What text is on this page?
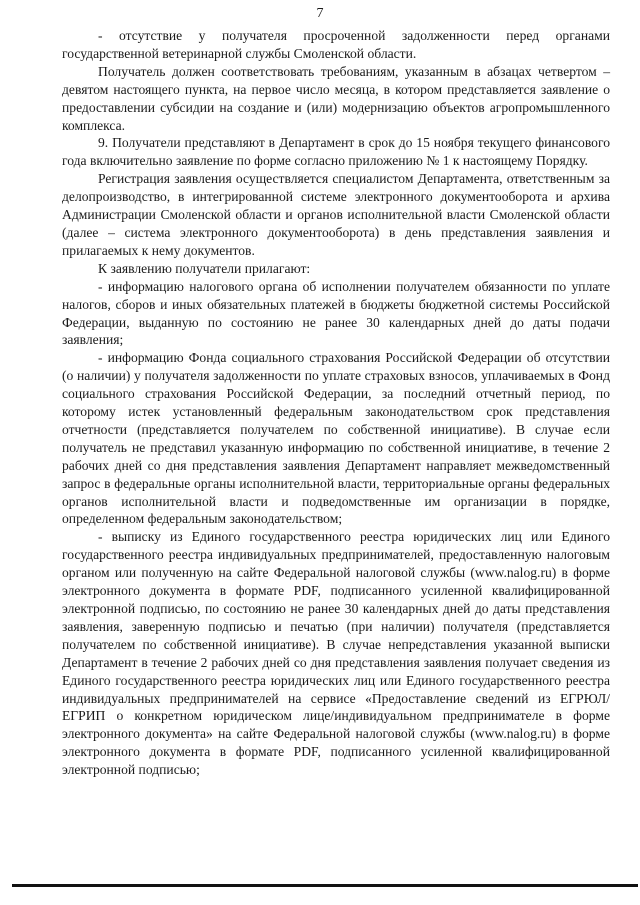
7

- отсутствие у получателя просроченной задолженности перед органами государственной ветеринарной службы Смоленской области.

Получатель должен соответствовать требованиям, указанным в абзацах четвертом – девятом настоящего пункта, на первое число месяца, в котором представляется заявление о предоставлении субсидии на создание и (или) модернизацию объектов агропромышленного комплекса.

9. Получатели представляют в Департамент в срок до 15 ноября текущего финансового года включительно заявление по форме согласно приложению № 1 к настоящему Порядку.

Регистрация заявления осуществляется специалистом Департамента, ответственным за делопроизводство, в интегрированной системе электронного документооборота и архива Администрации Смоленской области и органов исполнительной власти Смоленской области (далее – система электронного документооборота) в день представления заявления и прилагаемых к нему документов.

К заявлению получатели прилагают:

- информацию налогового органа об исполнении получателем обязанности по уплате налогов, сборов и иных обязательных платежей в бюджеты бюджетной системы Российской Федерации, выданную по состоянию не ранее 30 календарных дней до даты подачи заявления;

- информацию Фонда социального страхования Российской Федерации об отсутствии (о наличии) у получателя задолженности по уплате страховых взносов, уплачиваемых в Фонд социального страхования Российской Федерации, за последний отчетный период, по которому истек установленный федеральным законодательством срок представления отчетности (представляется получателем по собственной инициативе). В случае если получатель не представил указанную информацию по собственной инициативе, в течение 2 рабочих дней со дня представления заявления Департамент направляет межведомственный запрос в федеральные органы исполнительной власти, территориальные органы федеральных органов исполнительной власти и подведомственные им организации в порядке, определенном федеральным законодательством;

- выписку из Единого государственного реестра юридических лиц или Единого государственного реестра индивидуальных предпринимателей, предоставленную налоговым органом или полученную на сайте Федеральной налоговой службы (www.nalog.ru) в форме электронного документа в формате PDF, подписанного усиленной квалифицированной электронной подписью, по состоянию не ранее 30 календарных дней до даты представления заявления, заверенную подписью и печатью (при наличии) получателя (представляется получателем по собственной инициативе). В случае непредставления указанной выписки Департамент в течение 2 рабочих дней со дня представления заявления получает сведения из Единого государственного реестра юридических лиц или Единого государственного реестра индивидуальных предпринимателей на сервисе «Предоставление сведений из ЕГРЮЛ/ЕГРИП о конкретном юридическом лице/индивидуальном предпринимателе в форме электронного документа» на сайте Федеральной налоговой службы (www.nalog.ru) в форме электронного документа в формате PDF, подписанного усиленной квалифицированной электронной подписью;
